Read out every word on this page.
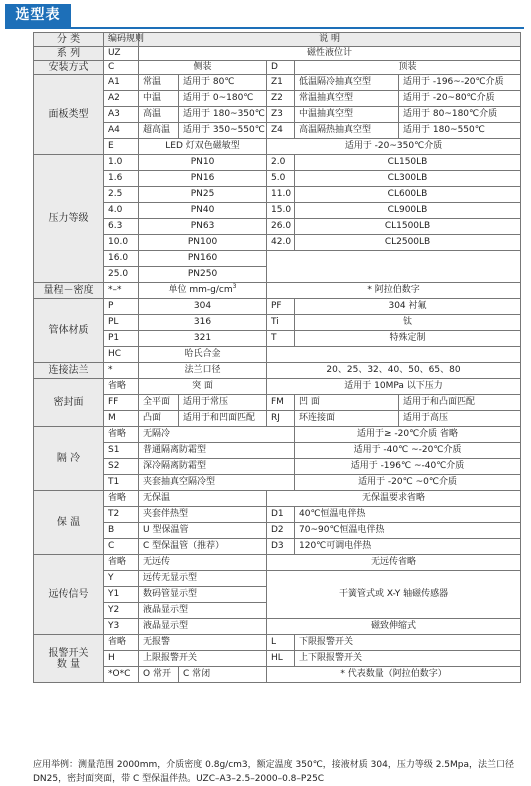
选型表
分 类	编码规则	说 明				
系 列	UZ	磁性液位计				
安装方式	C	侧装		D	顶装	
面板类型	A1	常温	适用于 80℃	Z1	低温隔冷抽真空型	适用于 -196~-20℃介质
	A2	中温	适用于 0~180℃	Z2	常温抽真空型	适用于 -20~80℃介质
	A3	高温	适用于 180~350℃	Z3	中温抽真空型	适用于 80~180℃介质
	A4	超高温	适用于 350~550℃	Z4	高温隔热抽真空型	适用于 180~550℃
	E	LED 灯双色磁敏型		适用于 -20~350℃介质		
压力等级	1.0	PN10		2.0	CL150LB	
	1.6	PN16		5.0	CL300LB	
	2.5	PN25		11.0	CL600LB	
	4.0	PN40		15.0	CL900LB	
	6.3	PN63		26.0	CL1500LB	
	10.0	PN100		42.0	CL2500LB	
	16.0	PN160				
	25.0	PN250				
量程－密度	*–*	单位 $mm-g/cm^3$		* 阿拉伯数字		
管体材质	P	304		PF	304 衬氟	
	PL	316		Ti	钛	
	P1	321		T	特殊定制	
	HC	哈氏合金				
连接法兰	*	法兰口径		20、25、32、40、50、65、80		
密封面	省略	突 面		适用于 10MPa 以下压力		
	FF	全平面	适用于常压	FM	凹 面	适用于和凸面匹配
	M	凸面	适用于和凹面匹配	RJ	环连接面	适用于高压
隔 冷	省略	无隔冷			适用于≥ -20℃介质 省略	
	S1	普通隔离防霜型			适用于 -40℃ ~-20℃介质	
	S2	深冷隔离防霜型			适用于 -196℃ ~-40℃介质	
	T1	夹套抽真空隔冷型			适用于 -20℃ ~0℃介质	
保 温	省略	无保温		无保温要求省略		
	T2	夹套伴热型		D1	40℃恒温电伴热	
	B	U 型保温管		D2	70~90℃恒温电伴热	
	C	C 型保温管（推荐）		D3	120℃可调电伴热	
远传信号	省略	无远传		无远传省略		
	Y	远传无显示型		干簧管式或 X-Y 轴磁传感器		
	Y1	数码管显示型				
	Y2	液晶显示型				
	Y3	液晶显示型		磁致伸缩式		
报警开关
数 量	省略	无报警		L	下限报警开关	
	H	上限报警开关		HL	上下限报警开关	
	*O*C	O 常开	C 常闭	* 代表数量（阿拉伯数字）		
应用举例：测量范围 2000mm，介质密度 0.8g/cm3，额定温度 350℃，接液材质 304，压力等级 2.5Mpa，法兰口径 DN25，密封面突面，带 C 型保温伴热。UZC–A3–2.5–2000–0.8–P25C
